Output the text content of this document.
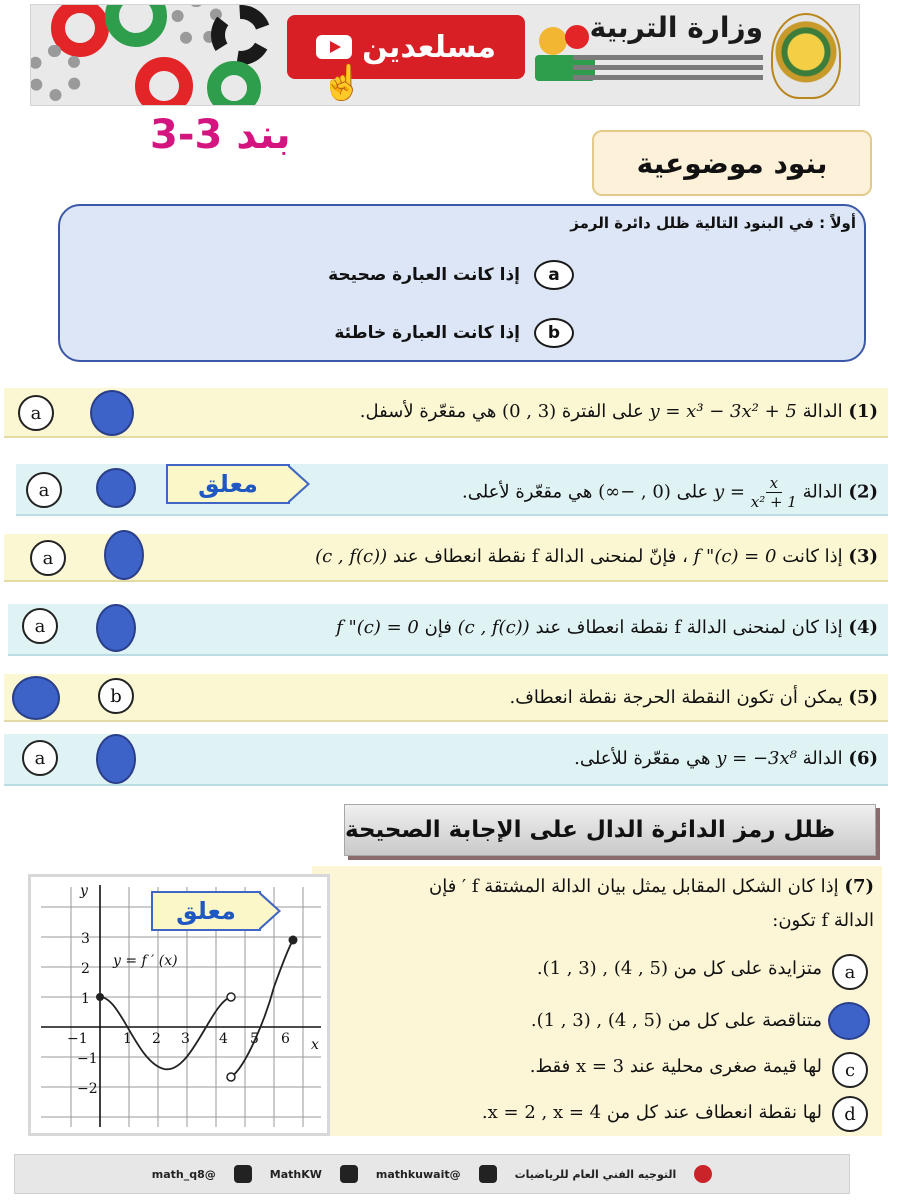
مسلعدين
☝
وزارة التربية
بند 3-3
بنود موضوعية
أولاً : في البنود التالية ظلل دائرة الرمز
a
إذا كانت العبارة صحيحة
b
إذا كانت العبارة خاطئة
(1) الدالة y = x³ − 3x² + 5 على الفترة (3 , 0) هي مقعّرة لأسفل.
a
(2) الدالة $y = \frac{x}{\text{x² + 1}}$
على (0 , −∞) هي مقعّرة لأعلى.
a	معلق
(3) إذا كانت f "(c) = 0 ، فإنّ لمنحنى الدالة f نقطة انعطاف عند (c , f(c))
a
(4) إذا كان لمنحنى الدالة f نقطة انعطاف عند (c , f(c)) فإن f "(c) = 0
a
(5) يمكن أن تكون النقطة الحرجة نقطة انعطاف.
b
(6) الدالة y = −3x⁸ هي مقعّرة للأعلى.
a
ظلل رمز الدائرة الدال على الإجابة الصحيحة
(7) إذا كان الشكل المقابل يمثل بيان الدالة المشتقة f ′ فإن
الدالة f تكون:
متزايدة على كل من (5 , 4) , (3 , 1).	a
متناقصة على كل من (5 , 4) , (3 , 1).
لها قيمة صغرى محلية عند x = 3 فقط.	c
لها نقطة انعطاف عند كل من x = 2 , x = 4.	d
y
x
y = f ′ (x)
−1	1 2 3 4 5 6
3
2
1
−1
−2
معلق
التوجيه الفني العام للرياضيات
@mathkuwait
MathKW
@math_q8
